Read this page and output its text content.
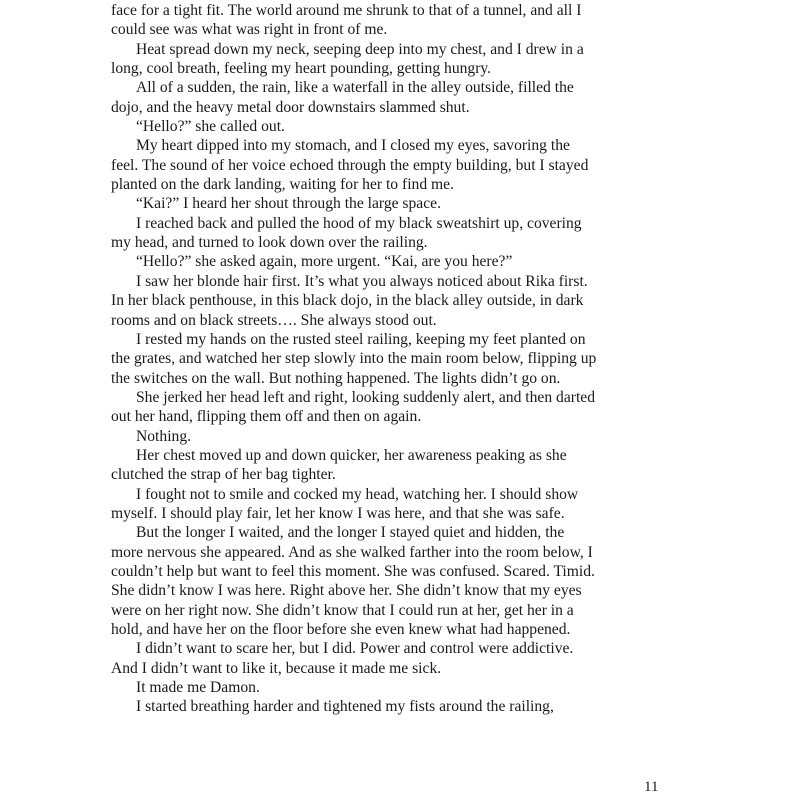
face for a tight fit. The world around me shrunk to that of a tunnel, and all I
could see was what was right in front of me.
Heat spread down my neck, seeping deep into my chest, and I drew in a
long, cool breath, feeling my heart pounding, getting hungry.
All of a sudden, the rain, like a waterfall in the alley outside, filled the
dojo, and the heavy metal door downstairs slammed shut.
“Hello?” she called out.
My heart dipped into my stomach, and I closed my eyes, savoring the
feel. The sound of her voice echoed through the empty building, but I stayed
planted on the dark landing, waiting for her to find me.
“Kai?” I heard her shout through the large space.
I reached back and pulled the hood of my black sweatshirt up, covering
my head, and turned to look down over the railing.
“Hello?” she asked again, more urgent. “Kai, are you here?”
I saw her blonde hair first. It’s what you always noticed about Rika first.
In her black penthouse, in this black dojo, in the black alley outside, in dark
rooms and on black streets…. She always stood out.
I rested my hands on the rusted steel railing, keeping my feet planted on
the grates, and watched her step slowly into the main room below, flipping up
the switches on the wall. But nothing happened. The lights didn’t go on.
She jerked her head left and right, looking suddenly alert, and then darted
out her hand, flipping them off and then on again.
Nothing.
Her chest moved up and down quicker, her awareness peaking as she
clutched the strap of her bag tighter.
I fought not to smile and cocked my head, watching her. I should show
myself. I should play fair, let her know I was here, and that she was safe.
But the longer I waited, and the longer I stayed quiet and hidden, the
more nervous she appeared. And as she walked farther into the room below, I
couldn’t help but want to feel this moment. She was confused. Scared. Timid.
She didn’t know I was here. Right above her. She didn’t know that my eyes
were on her right now. She didn’t know that I could run at her, get her in a
hold, and have her on the floor before she even knew what had happened.
I didn’t want to scare her, but I did. Power and control were addictive.
And I didn’t want to like it, because it made me sick.
It made me Damon.
I started breathing harder and tightened my fists around the railing,
11
